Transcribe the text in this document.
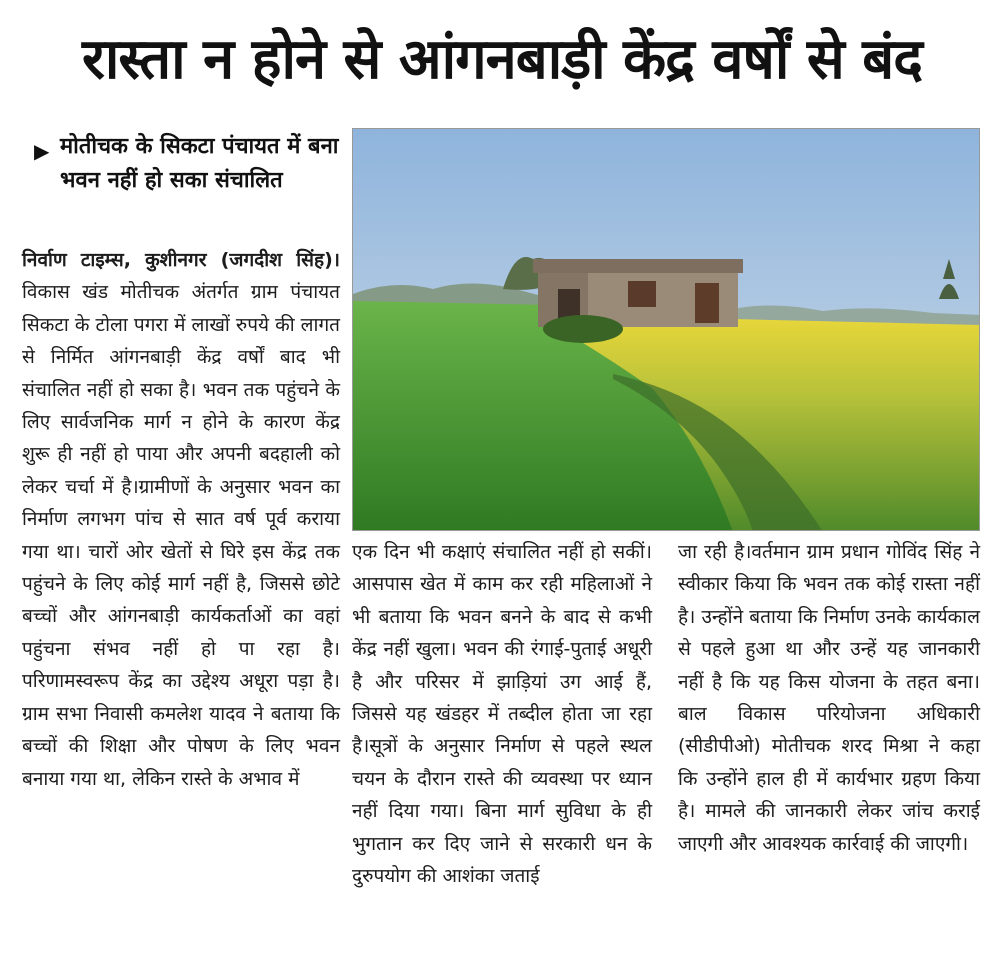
रास्ता न होने से आंगनबाड़ी केंद्र वर्षों से बंद
▶ मोतीचक के सिकटा पंचायत में बना भवन नहीं हो सका संचालित

निर्वाण टाइम्स, कुशीनगर (जगदीश सिंह)। विकास खंड मोतीचक अंतर्गत ग्राम पंचायत सिकटा के टोला पगरा में लाखों रुपये की लागत से निर्मित आंगनबाड़ी केंद्र वर्षों बाद भी संचालित नहीं हो सका है। भवन तक पहुंचने के लिए सार्वजनिक मार्ग न होने के कारण केंद्र शुरू ही नहीं हो पाया और अपनी बदहाली को लेकर चर्चा में है।ग्रामीणों के अनुसार भवन का निर्माण लगभग पांच से सात वर्ष पूर्व कराया गया था। चारों ओर खेतों से घिरे इस केंद्र तक पहुंचने के लिए कोई मार्ग नहीं है, जिससे छोटे बच्चों और आंगनबाड़ी कार्यकर्ताओं का वहां पहुंचना संभव नहीं हो पा रहा है। परिणामस्वरूप केंद्र का उद्देश्य अधूरा पड़ा है।ग्राम सभा निवासी कमलेश यादव ने बताया कि बच्चों की शिक्षा और पोषण के लिए भवन बनाया गया था, लेकिन रास्ते के अभाव में

एक दिन भी कक्षाएं संचालित नहीं हो सकीं। आसपास खेत में काम कर रही महिलाओं ने भी बताया कि भवन बनने के बाद से कभी केंद्र नहीं खुला। भवन की रंगाई-पुताई अधूरी है और परिसर में झाड़ियां उग आई हैं, जिससे यह खंडहर में तब्दील होता जा रहा है।सूत्रों के अनुसार निर्माण से पहले स्थल चयन के दौरान रास्ते की व्यवस्था पर ध्यान नहीं दिया गया। बिना मार्ग सुविधा के ही भुगतान कर दिए जाने से सरकारी धन के दुरुपयोग की आशंका जताई

जा रही है।वर्तमान ग्राम प्रधान गोविंद सिंह ने स्वीकार किया कि भवन तक कोई रास्ता नहीं है। उन्होंने बताया कि निर्माण उनके कार्यकाल से पहले हुआ था और उन्हें यह जानकारी नहीं है कि यह किस योजना के तहत बना।बाल विकास परियोजना अधिकारी (सीडीपीओ) मोतीचक शरद मिश्रा ने कहा कि उन्होंने हाल ही में कार्यभार ग्रहण किया है। मामले की जानकारी लेकर जांच कराई जाएगी और आवश्यक कार्रवाई की जाएगी।
